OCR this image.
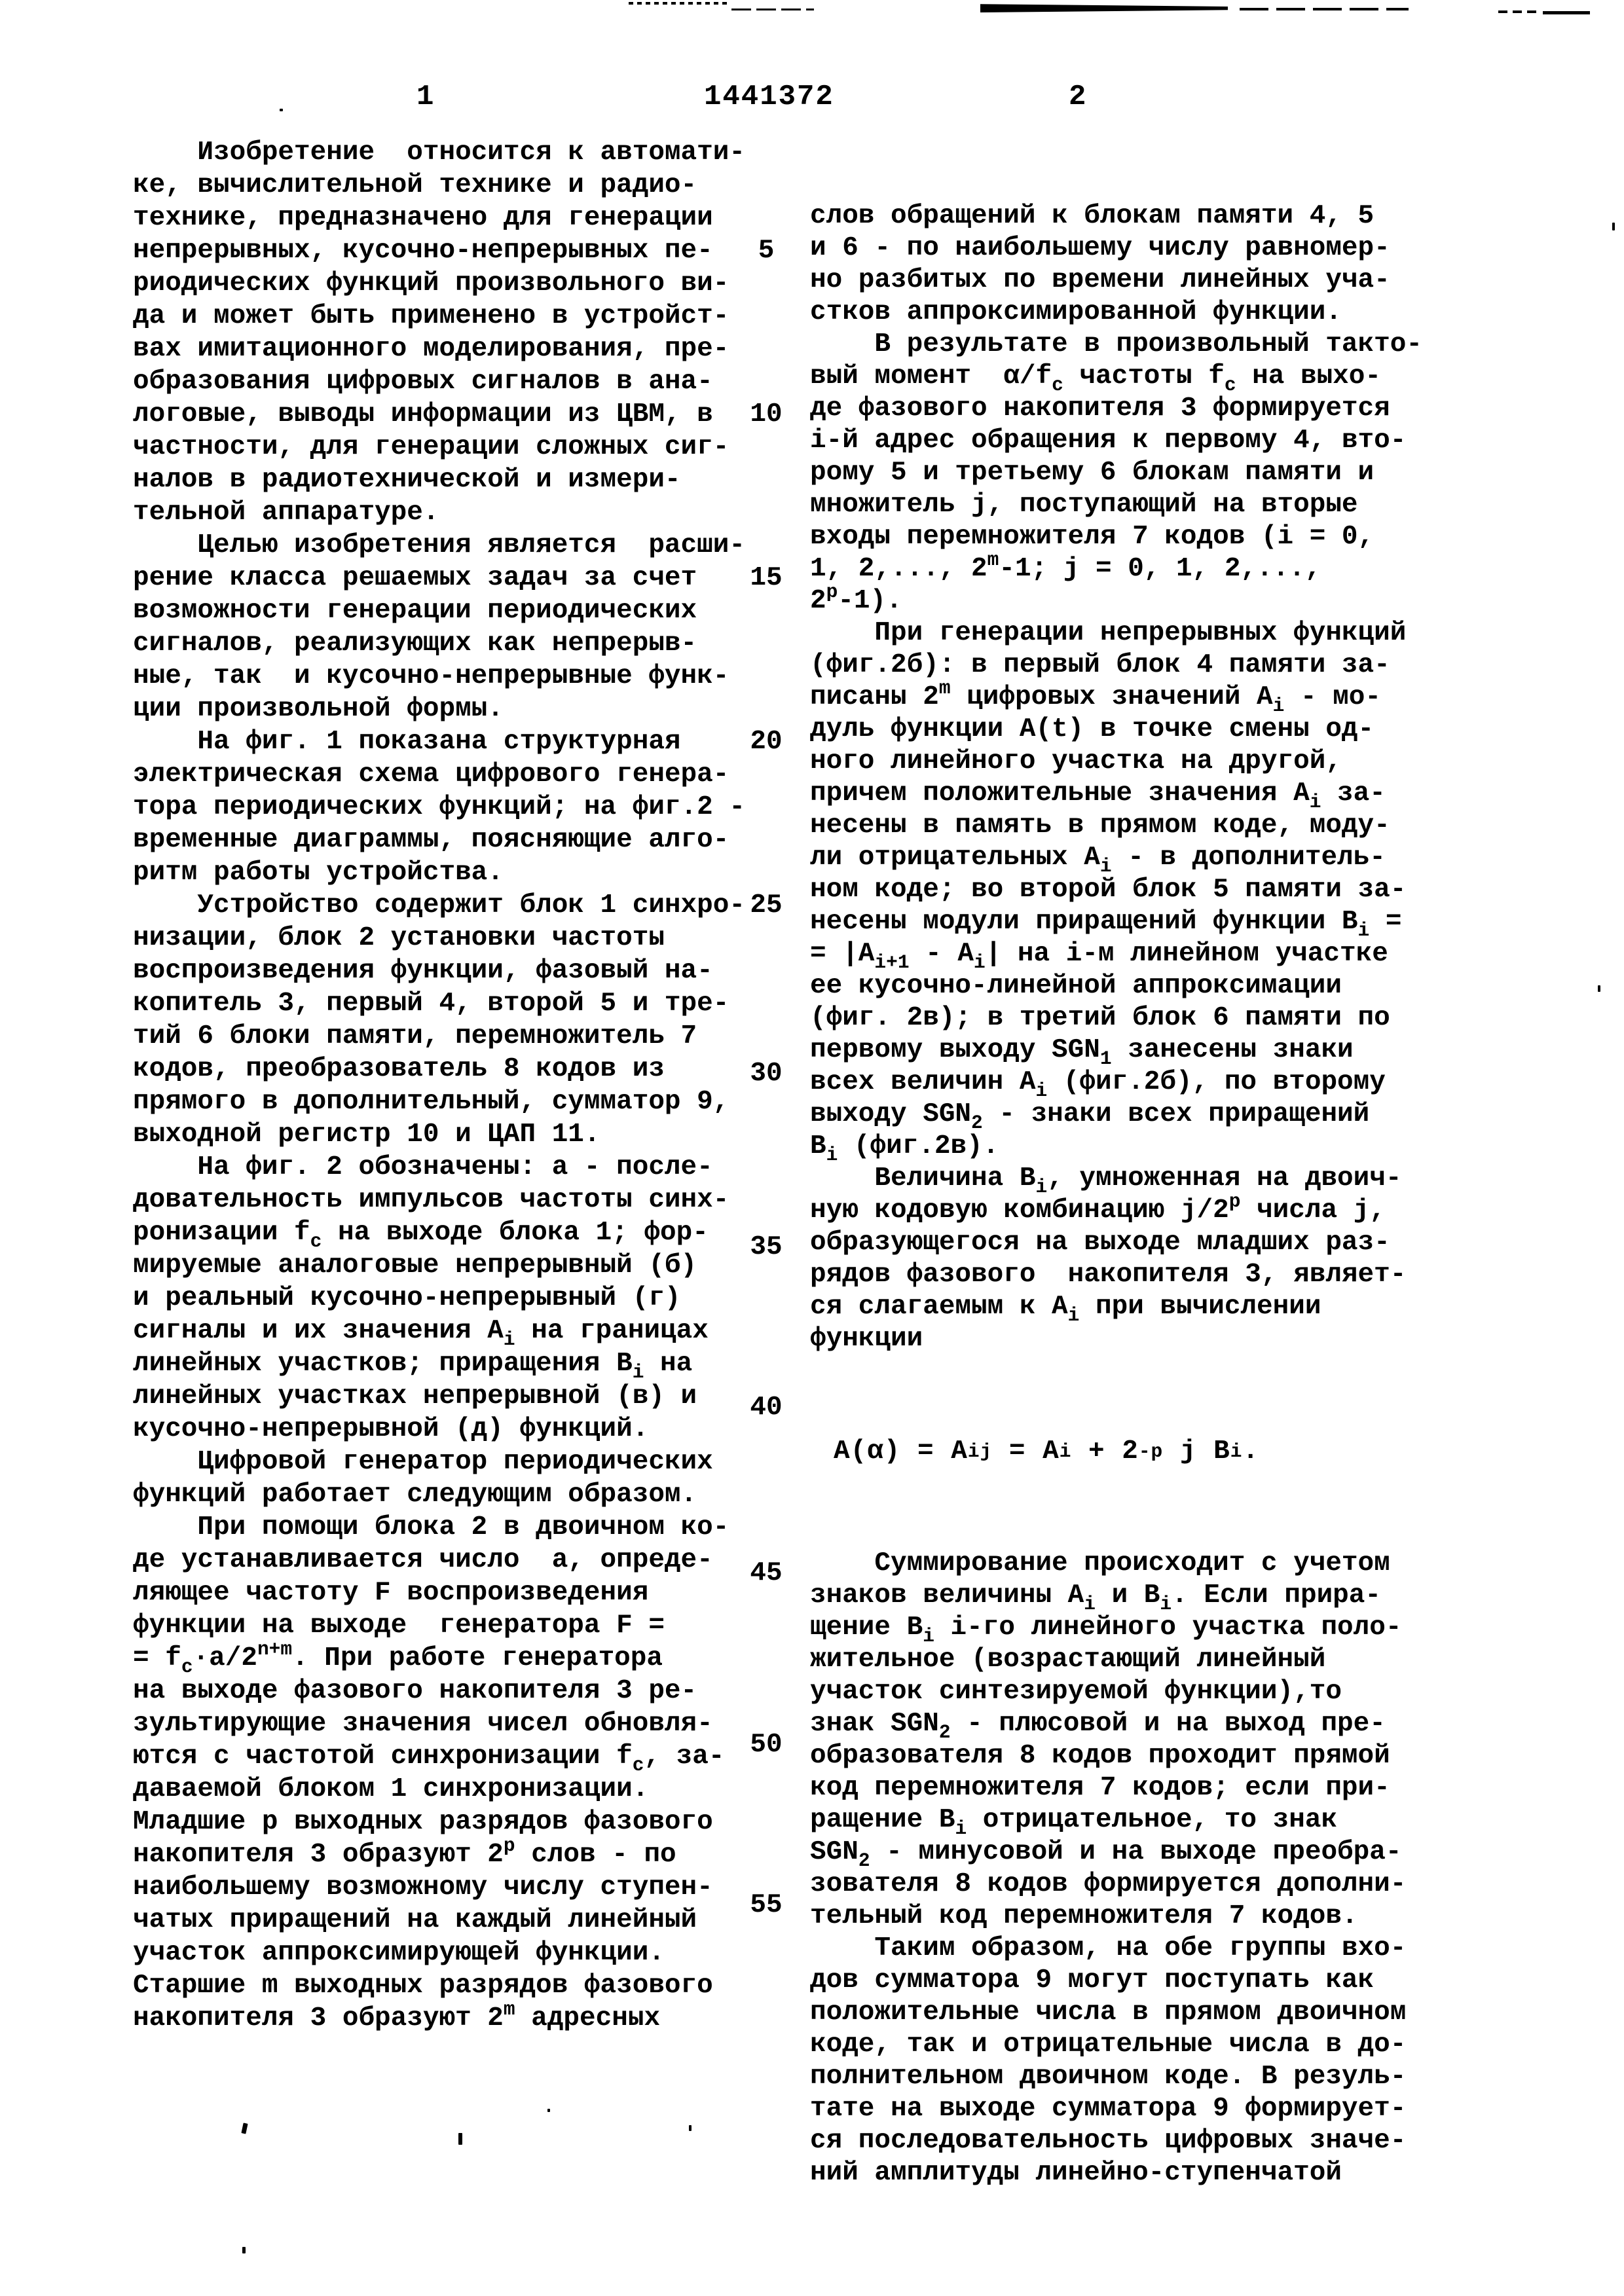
1	1441372	2
Изобретение  относится к автомати-
ке, вычислительной технике и радио-
технике, предназначено для генерации
непрерывных, кусочно-непрерывных пе-
риодических функций произвольного ви-
да и может быть применено в устройст-
вах имитационного моделирования, пре-
образования цифровых сигналов в ана-
логовые, выводы информации из ЦВМ, в
частности, для генерации сложных сиг-
налов в радиотехнической и измери-
тельной аппаратуре.
Целью изобретения является  расши-
рение класса решаемых задач за счет
возможности генерации периодических
сигналов, реализующих как непрерыв-
ные, так  и кусочно-непрерывные функ-
ции произвольной формы.
На фиг. 1 показана структурная
электрическая схема цифрового генера-
тора периодических функций; на фиг.2 -
временные диаграммы, поясняющие алго-
ритм работы устройства.
Устройство содержит блок 1 синхро-
низации, блок 2 установки частоты
воспроизведения функции, фазовый на-
копитель 3, первый 4, второй 5 и тре-
тий 6 блоки памяти, перемножитель 7
кодов, преобразователь 8 кодов из
прямого в дополнительный, сумматор 9,
выходной регистр 10 и ЦАП 11.
На фиг. 2 обозначены: а - после-
довательность импульсов частоты синх-
ронизации $f_c$ на выходе блока 1; фор-
мируемые аналоговые непрерывный (б)
и реальный кусочно-непрерывный (г)
сигналы и их значения $A_i$ на границах
линейных участков; приращения $B_i$ на
линейных участках непрерывной (в) и
кусочно-непрерывной (д) функций.
Цифровой генератор периодических
функций работает следующим образом.
При помощи блока 2 в двоичном ко-
де устанавливается число  а, опреде-
ляющее частоту F воспроизведения
функции на выходе  генератора F =
= $f_c\cdot a/2^{n+m}$. При работе генератора
на выходе фазового накопителя 3 ре-
зультирующие значения чисел обновля-
ются с частотой синхронизации $f_c$, за-
даваемой блоком 1 синхронизации.
Младшие p выходных разрядов фазового
накопителя 3 образуют 2$^p$ слов - по
наибольшему возможному числу ступен-
чатых приращений на каждый линейный
участок аппроксимирующей функции.
Старшие m выходных разрядов фазового
накопителя 3 образуют 2$^m$ адресных

слов обращений к блокам памяти 4, 5
и 6 - по наибольшему числу равномер-
но разбитых по времени линейных уча-
стков аппроксимированной функции.
В результате в произвольный такто-
вый момент  $\alpha/f_c$ частоты $f_c$ на выхо-
де фазового накопителя 3 формируется
i-й адрес обращения к первому 4, вто-
рому 5 и третьему 6 блокам памяти и
множитель j, поступающий на вторые
входы перемножителя 7 кодов (i = 0,
1, 2,..., 2$^m$-1; j = 0, 1, 2,...,
2$^p$-1).
При генерации непрерывных функций
(фиг.2б): в первый блок 4 памяти за-
писаны 2$^m$ цифровых значений $A_i - мо-$
дуль функции A(t) в точке смены од-
ного линейного участка на другой,
причем положительные значения $A_i$ за-
несены в память в прямом коде, моду-
ли отрицательных $A_i$ - в дополнитель-
ном коде; во второй блок 5 памяти за-
несены модули приращений функции $B_i$ =
= $|A_{i+1} - A_i|$ на i-м линейном участке
ее кусочно-линейной аппроксимации
(фиг. 2в); в третий блок 6 памяти по
первому выходу $SGN_1$ занесены знаки
всех величин $A_i$ (фиг.2б), по второму
выходу $SGN_2$ - знаки всех приращений
$B_i$ (фиг.2в).
Величина $B_i$, умноженная на двоич-
ную кодовую комбинацию j/2$^p$ числа j,
образующегося на выходе младших раз-
рядов фазового  накопителя 3, являет-
ся слагаемым к $A_i$ при вычислении
функции

A(α) = A ij = A i + 2 -p j B i .

Суммирование происходит с учетом
знаков величины $A_i$ и $B_i$. Если прира-
щение $B_i$ i-го линейного участка поло-
жительное (возрастающий линейный
участок синтезируемой функции),то
знак $SGN_2$ - плюсовой и на выход пре-
образователя 8 кодов проходит прямой
код перемножителя 7 кодов; если при-
ращение $B_i$ отрицательное, то знак
$SGN_2$ - минусовой и на выходе преобра-
зователя 8 кодов формируется дополни-
тельный код перемножителя 7 кодов.
Таким образом, на обе группы вхо-
дов сумматора 9 могут поступать как
положительные числа в прямом двоичном
коде, так и отрицательные числа в до-
полнительном двоичном коде. В резуль-
тате на выходе сумматора 9 формирует-
ся последовательность цифровых значе-
ний амплитуды линейно-ступенчатой

5
10
15
20
25
30
35
40
45
50
55
